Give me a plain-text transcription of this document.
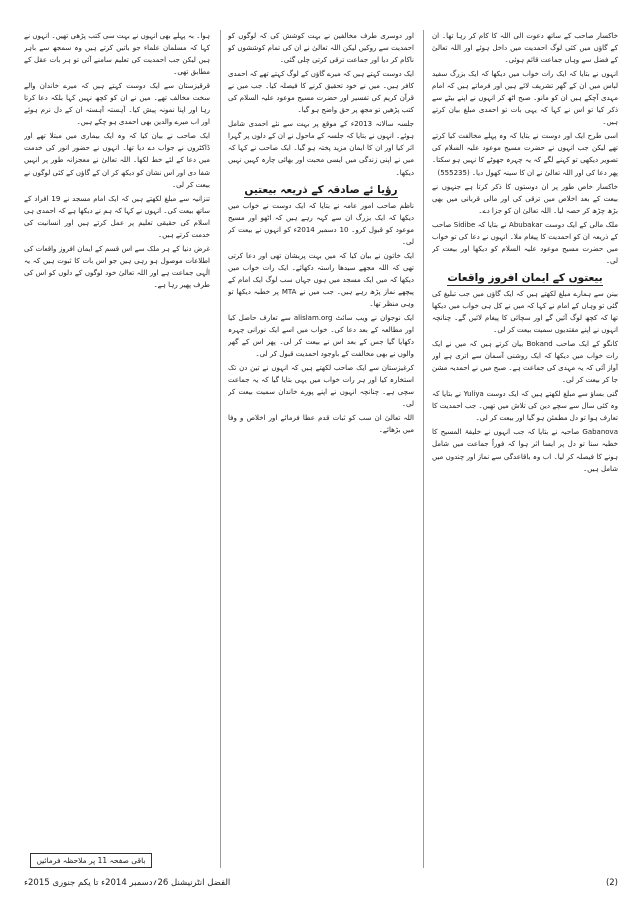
خاکسار صاحب کے ساتھ دعوت الی اللہ کا کام کر رہا تھا۔ ان کے گاؤں میں کئی لوگ احمدیت میں داخل ہوئے اور اللہ تعالیٰ کے فضل سے وہاں جماعت قائم ہوئی۔

انہوں نے بتایا کہ ایک رات خواب میں دیکھا کہ ایک بزرگ سفید لباس میں ان کے گھر تشریف لائے ہیں اور فرماتے ہیں کہ امام مہدی آچکے ہیں ان کو مانو۔ صبح اٹھ کر انہوں نے اپنے بیٹے سے ذکر کیا تو اس نے کہا کہ یہی بات تو احمدی مبلغ بیان کرتے ہیں۔

اسی طرح ایک اور دوست نے بتایا کہ وہ پہلے مخالفت کیا کرتے تھے لیکن جب انہوں نے حضرت مسیح موعود علیہ السلام کی تصویر دیکھی تو کہنے لگے کہ یہ چہرہ جھوٹے کا نہیں ہو سکتا۔ پھر دعا کی اور اللہ تعالیٰ نے ان کا سینہ کھول دیا۔ (555235)

خاکسار خاص طور پر ان دوستوں کا ذکر کرتا ہے جنہوں نے بیعت کے بعد اخلاص میں ترقی کی اور مالی قربانی میں بھی بڑھ چڑھ کر حصہ لیا۔ اللہ تعالیٰ ان کو جزا دے۔

ملک مالی کے ایک دوست Abubakar نے بتایا کہ Sidibe صاحب کے ذریعہ ان کو احمدیت کا پیغام ملا۔ انہوں نے دعا کی تو خواب میں حضرت مسیح موعود علیہ السلام کو دیکھا اور بیعت کر لی۔

بیعتوں کے ایمان افروز واقعات

بینن سے ہمارے مبلغ لکھتے ہیں کہ ایک گاؤں میں جب تبلیغ کی گئی تو وہاں کے امام نے کہا کہ میں نے کل ہی خواب میں دیکھا تھا کہ کچھ لوگ آئیں گے اور سچائی کا پیغام لائیں گے۔ چنانچہ انہوں نے اپنے مقتدیوں سمیت بیعت کر لی۔

کانگو کے ایک صاحب Bokand بیان کرتے ہیں کہ میں نے ایک رات خواب میں دیکھا کہ ایک روشنی آسمان سے اتری ہے اور آواز آئی کہ یہ مہدی کی جماعت ہے۔ صبح میں نے احمدیہ مشن جا کر بیعت کر لی۔

گنی بساؤ سے مبلغ لکھتے ہیں کہ ایک دوست Yuliya نے بتایا کہ وہ کئی سال سے سچے دین کی تلاش میں تھیں۔ جب احمدیت کا تعارف ہوا تو دل مطمئن ہو گیا اور بیعت کر لی۔

Gabanova صاحبہ نے بتایا کہ جب انہوں نے خلیفۃ المسیح کا خطبہ سنا تو دل پر ایسا اثر ہوا کہ فوراً جماعت میں شامل ہونے کا فیصلہ کر لیا۔ اب وہ باقاعدگی سے نماز اور چندوں میں شامل ہیں۔

اور دوسری طرف مخالفین نے بہت کوشش کی کہ لوگوں کو احمدیت سے روکیں لیکن اللہ تعالیٰ نے ان کی تمام کوششوں کو ناکام کر دیا اور جماعت ترقی کرتی چلی گئی۔

ایک دوست کہتے ہیں کہ میرے گاؤں کے لوگ کہتے تھے کہ احمدی کافر ہیں۔ میں نے خود تحقیق کرنے کا فیصلہ کیا۔ جب میں نے قرآن کریم کی تفسیر اور حضرت مسیح موعود علیہ السلام کی کتب پڑھیں تو مجھ پر حق واضح ہو گیا۔

جلسہ سالانہ 2013ء کے موقع پر بہت سے نئے احمدی شامل ہوئے۔ انہوں نے بتایا کہ جلسہ کے ماحول نے ان کے دلوں پر گہرا اثر کیا اور ان کا ایمان مزید پختہ ہو گیا۔ ایک صاحب نے کہا کہ میں نے اپنی زندگی میں ایسی محبت اور بھائی چارہ کہیں نہیں دیکھا۔

رؤیا ئے صادقہ کے ذریعہ بیعتیں

ناظم صاحب امور عامہ نے بتایا کہ ایک دوست نے خواب میں دیکھا کہ ایک بزرگ ان سے کہہ رہے ہیں کہ اٹھو اور مسیح موعود کو قبول کرو۔ 10 دسمبر 2014ء کو انہوں نے بیعت کر لی۔

ایک خاتون نے بیان کیا کہ میں بہت پریشان تھی اور دعا کرتی تھی کہ اللہ مجھے سیدھا راستہ دکھائے۔ ایک رات خواب میں دیکھا کہ میں ایک مسجد میں ہوں جہاں سب لوگ ایک امام کے پیچھے نماز پڑھ رہے ہیں۔ جب میں نے MTA پر خطبہ دیکھا تو وہی منظر تھا۔

ایک نوجوان نے ویب سائٹ alislam.org سے تعارف حاصل کیا اور مطالعہ کے بعد دعا کی۔ خواب میں اسے ایک نورانی چہرہ دکھایا گیا جس کے بعد اس نے بیعت کر لی۔ پھر اس کے گھر والوں نے بھی مخالفت کے باوجود احمدیت قبول کر لی۔

کرغیزستان سے ایک صاحب لکھتے ہیں کہ انہوں نے تین دن تک استخارہ کیا اور ہر رات خواب میں یہی بتایا گیا کہ یہ جماعت سچی ہے۔ چنانچہ انہوں نے اپنے پورے خاندان سمیت بیعت کر لی۔

اللہ تعالیٰ ان سب کو ثبات قدم عطا فرمائے اور اخلاص و وفا میں بڑھائے۔

ہوا۔ بہ پہلے بھی انہوں نے بہت سی کتب پڑھی تھیں۔ انہوں نے کہا کہ مسلمان علماء جو باتیں کرتے ہیں وہ سمجھ سے باہر ہیں لیکن جب احمدیت کی تعلیم سامنے آئی تو ہر بات عقل کے مطابق تھی۔

قرقیزستان سے ایک دوست کہتے ہیں کہ میرے خاندان والے سخت مخالف تھے۔ میں نے ان کو کچھ نہیں کہا بلکہ دعا کرتا رہا اور اپنا نمونہ پیش کیا۔ آہستہ آہستہ ان کے دل نرم ہوئے اور اب میرے والدین بھی احمدی ہو چکے ہیں۔

ایک صاحب نے بیان کیا کہ وہ ایک بیماری میں مبتلا تھے اور ڈاکٹروں نے جواب دے دیا تھا۔ انہوں نے حضور انور کی خدمت میں دعا کے لئے خط لکھا۔ اللہ تعالیٰ نے معجزانہ طور پر انہیں شفا دی اور اس نشان کو دیکھ کر ان کے گاؤں کے کئی لوگوں نے بیعت کر لی۔

تنزانیہ سے مبلغ لکھتے ہیں کہ ایک امام مسجد نے 19 افراد کے ساتھ بیعت کی۔ انہوں نے کہا کہ ہم نے دیکھا ہے کہ احمدی ہی اسلام کی حقیقی تعلیم پر عمل کرتے ہیں اور انسانیت کی خدمت کرتے ہیں۔

غرض دنیا کے ہر ملک سے اس قسم کے ایمان افروز واقعات کی اطلاعات موصول ہو رہی ہیں جو اس بات کا ثبوت ہیں کہ یہ الٰہی جماعت ہے اور اللہ تعالیٰ خود لوگوں کے دلوں کو اس کی طرف پھیر رہا ہے۔

باقی صفحہ 11 پر ملاحظہ فرمائیں
(2)
الفضل انٹرنیشنل 26؍دسمبر 2014ء تا یکم جنوری 2015ء
